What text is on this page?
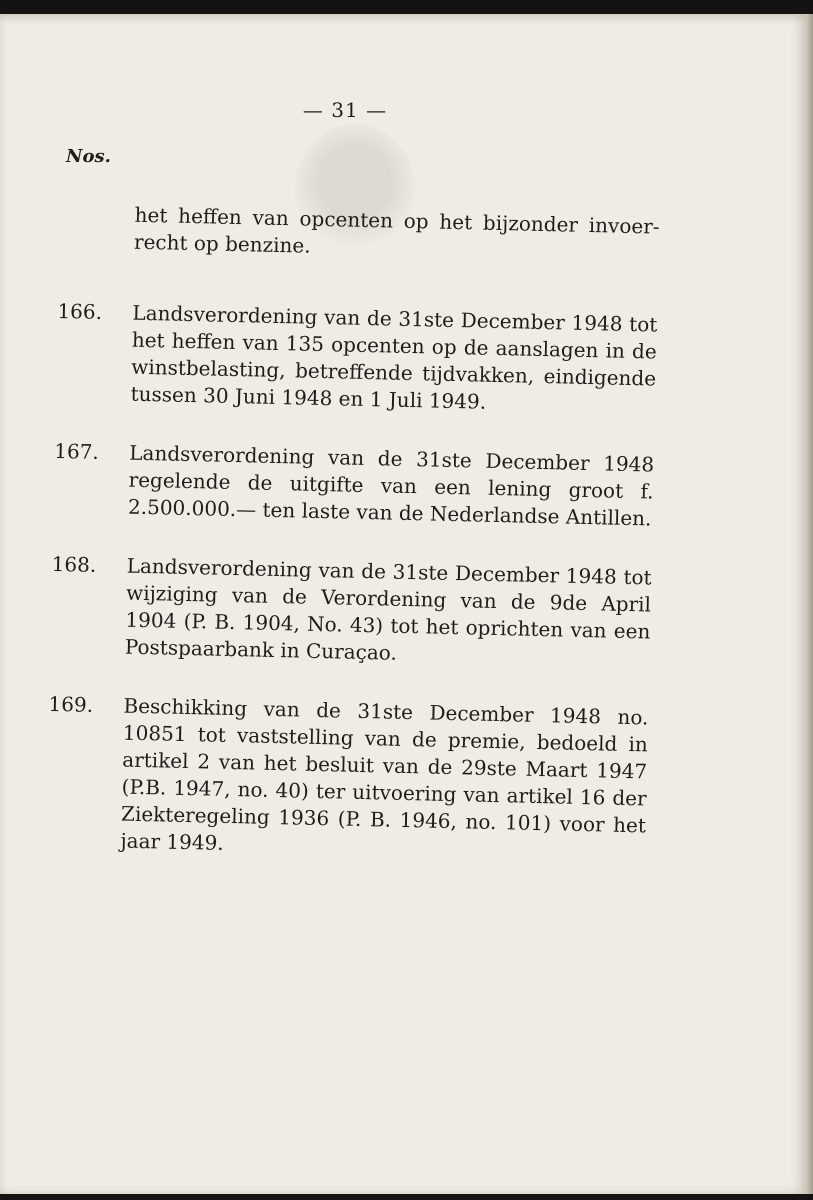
— 31 —
Nos.
het heffen van opcenten op het bijzonder invoer-recht op benzine.
166.	Landsverordening van de 31ste December 1948 tot het heffen van 135 opcenten op de aanslagen in de winstbelasting, betreffende tijdvakken, eindigende tussen 30 Juni 1948 en 1 Juli 1949.
167.	Landsverordening van de 31ste December 1948 regelende de uitgifte van een lening groot f. 2.500.000.— ten laste van de Nederlandse Antillen.
168.	Landsverordening van de 31ste December 1948 tot wijziging van de Verordening van de 9de April 1904 (P. B. 1904, No. 43) tot het oprichten van een Postspaarbank in Curaçao.
169.	Beschikking van de 31ste December 1948 no. 10851 tot vaststelling van de premie, bedoeld in artikel 2 van het besluit van de 29ste Maart 1947 (P.B. 1947, no. 40) ter uitvoering van artikel 16 der Ziekteregeling 1936 (P. B. 1946, no. 101) voor het jaar 1949.
